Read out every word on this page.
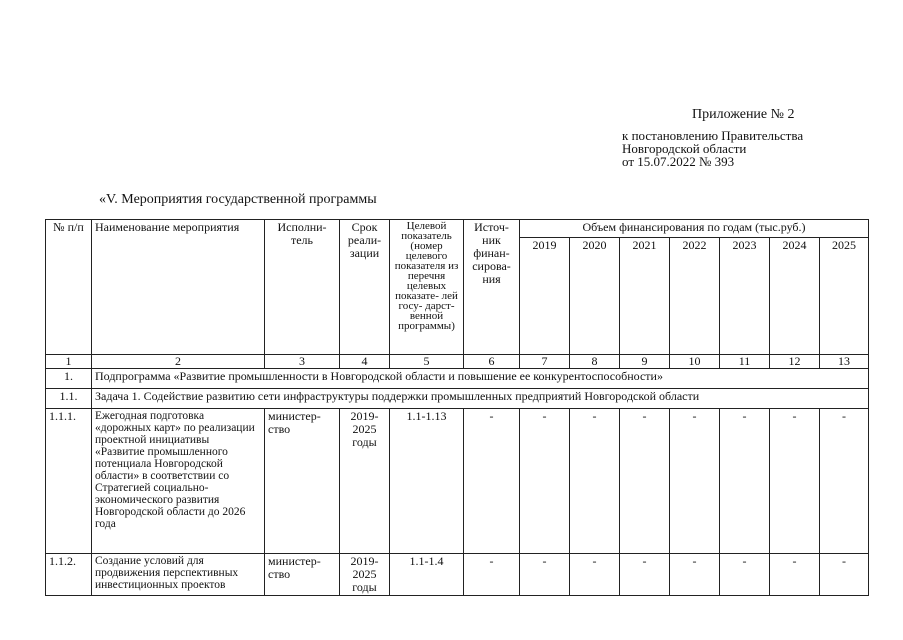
Приложение № 2
к постановлению Правительства
Новгородской области
от 15.07.2022 № 393
«V. Мероприятия государственной программы
№ п/п	Наименование мероприятия	Исполни- тель	Срок реали- зации	Целевой показатель (номер целевого показателя из перечня целевых показате- лей госу- дарст- венной программы)	Источ- ник финан- сирова- ния	Объем финансирования по годам (тыс.руб.)						
						2019	2020	2021	2022	2023	2024	2025
1	2	3	4	5	6	7	8	9	10	11	12	13
1.	Подпрограмма «Развитие промышленности в Новгородской области и повышение ее конкурентоспособности»											
1.1.	Задача 1. Содействие развитию сети инфраструктуры поддержки промышленных предприятий Новгородской области											
1.1.1.	Ежегодная подготовка «дорожных карт» по реализации проектной инициативы «Развитие промышленного потенциала Новгородской области» в соответствии со Стратегией социально-экономического развития Новгородской области до 2026 года	министер- ство	2019- 2025 годы	1.1-1.13	-	-	-	-	-	-	-	-
1.1.2.	Создание условий для продвижения перспективных инвестиционных проектов	министер- ство	2019- 2025 годы	1.1-1.4	-	-	-	-	-	-	-	-
